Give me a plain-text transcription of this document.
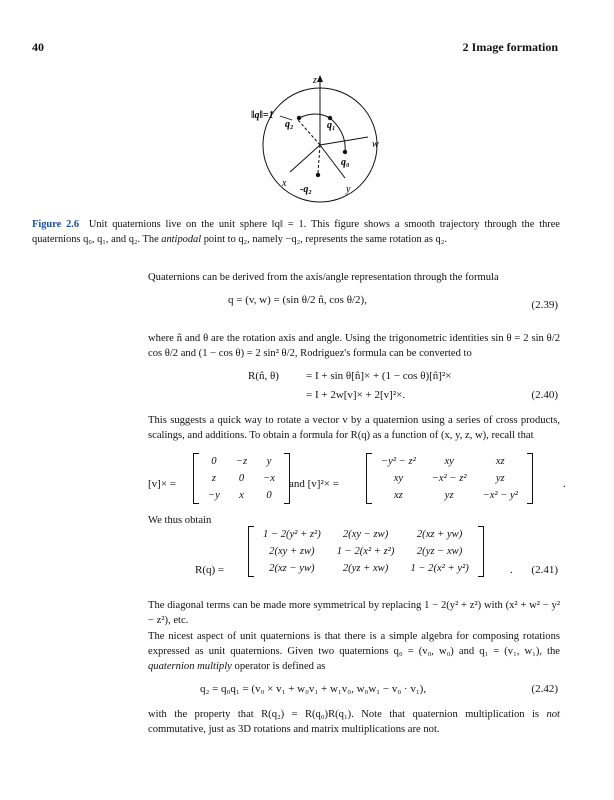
40	2 Image formation
z
w
x
y
‖q‖=1
q₂	q₁
q₀
-q₂
Figure 2.6 Unit quaternions live on the unit sphere ‖q‖ = 1. This figure shows a smooth trajectory through the three quaternions q₀, q₁, and q₂. The antipodal point to q₂, namely −q₂, represents the same rotation as q₂.
Quaternions can be derived from the axis/angle representation through the formula
q = (v, w) = (sin θ/2 n̂, cos θ/2),	(2.39)
where n̂ and θ are the rotation axis and angle. Using the trigonometric identities sin θ = 2 sin θ/2 cos θ/2 and (1 − cos θ) = 2 sin² θ/2, Rodriguez's formula can be converted to
R(n̂, θ) = I + sin θ[n̂]× + (1 − cos θ)[n̂]²×
= I + 2w[v]× + 2[v]²×.	(2.40)
This suggests a quick way to rotate a vector v by a quaternion using a series of cross products, scalings, and additions. To obtain a formula for R(q) as a function of (x, y, z, w), recall that
[v]× =
0	−z	y
z	0	−x
−y	x	0
and [v]²× =
−y² − z²	xy	xz
xy	−x² − z²	yz
xz	yz	−x² − y²
.
We thus obtain
R(q) =
1 − 2(y² + z²)	2(xy − zw)	2(xz + yw)
2(xy + zw)	1 − 2(x² + z²)	2(yz − xw)
2(xz − yw)	2(yz + xw)	1 − 2(x² + y²)	. (2.41)
The diagonal terms can be made more symmetrical by replacing 1 − 2(y² + z²) with (x² + w² − y² − z²), etc.
The nicest aspect of unit quaternions is that there is a simple algebra for composing rotations expressed as unit quaternions. Given two quaternions q₀ = (v₀, w₀) and q₁ = (v₁, w₁), the quaternion multiply operator is defined as
q₂ = q₀q₁ = (v₀ × v₁ + w₀v₁ + w₁v₀, w₀w₁ − v₀ · v₁),	(2.42)
with the property that R(q₂) = R(q₀)R(q₁). Note that quaternion multiplication is not commutative, just as 3D rotations and matrix multiplications are not.
